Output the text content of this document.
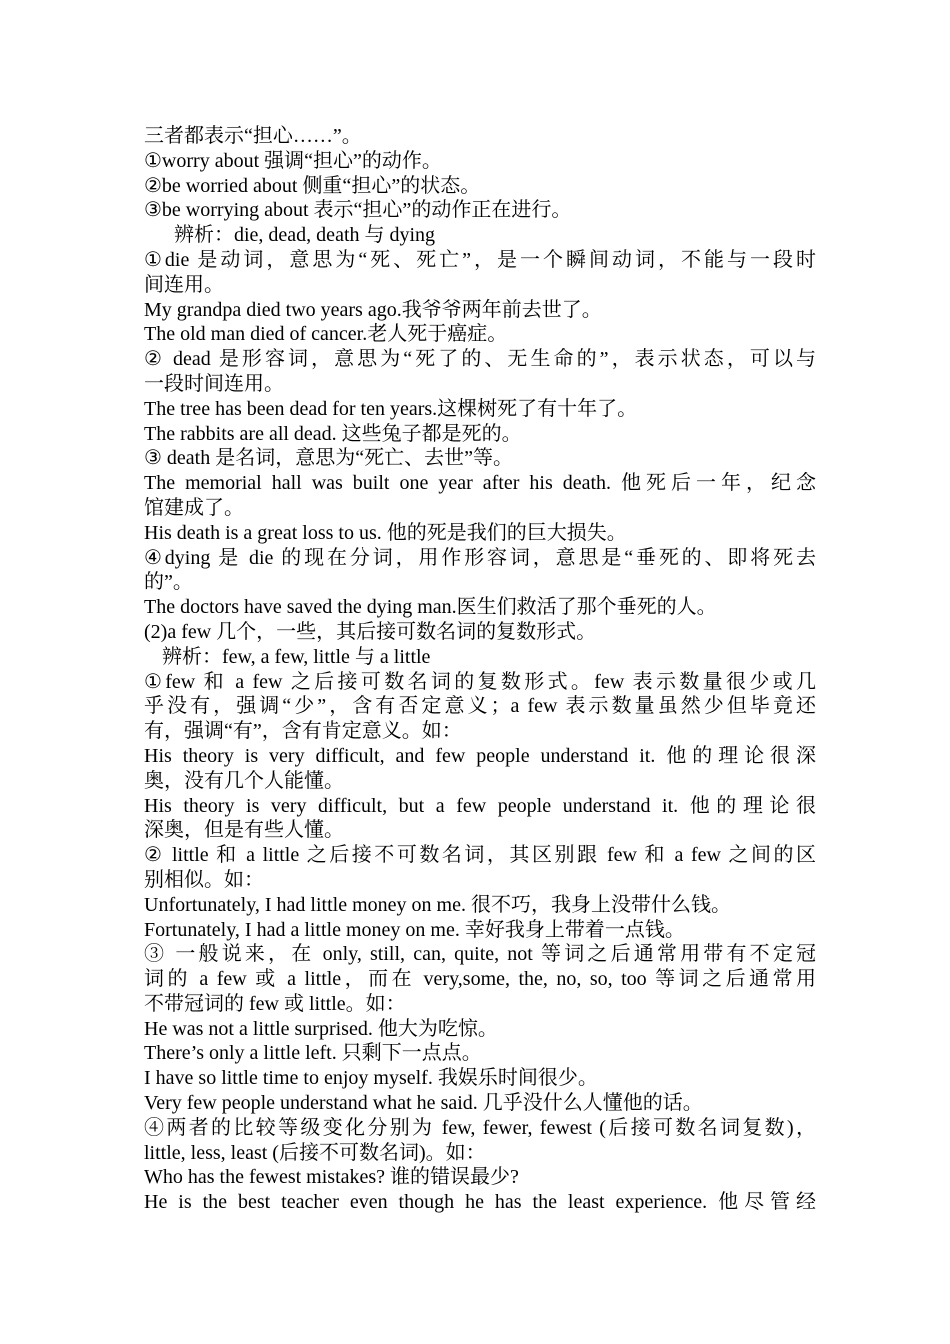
三者都表示“担心……”。
①worry about 强调“担心”的动作。
②be worried about 侧重“担心”的状态。
③be worrying about 表示“担心”的动作正在进行。
辨析：die, dead, death 与 dying
①die 是动词，意思为“死、死亡”，是一个瞬间动词，不能与一段时
间连用。
My grandpa died two years ago.我爷爷两年前去世了。
The old man died of cancer.老人死于癌症。
② dead 是形容词，意思为“死了的、无生命的”，表示状态，可以与
一段时间连用。
The tree has been dead for ten years.这棵树死了有十年了。
The rabbits are all dead. 这些兔子都是死的。
③ death 是名词，意思为“死亡、去世”等。
The memorial hall was built one year after his death. 他死后一年，纪念
馆建成了。
His death is a great loss to us. 他的死是我们的巨大损失。
④dying 是 die 的现在分词，用作形容词，意思是“垂死的、即将死去
的”。
The doctors have saved the dying man.医生们救活了那个垂死的人。
(2)a few 几个，一些，其后接可数名词的复数形式。
辨析：few, a few, little 与 a little
①few 和 a few 之后接可数名词的复数形式。few 表示数量很少或几
乎没有，强调“少”，含有否定意义；a few 表示数量虽然少但毕竟还
有，强调“有”，含有肯定意义。如：
His theory is very difficult, and few people understand it. 他的理论很深
奥，没有几个人能懂。
His theory is very difficult, but a few people understand it. 他的理论很
深奥，但是有些人懂。
② little 和 a little 之后接不可数名词，其区别跟 few 和 a few 之间的区
别相似。如：
Unfortunately, I had little money on me. 很不巧，我身上没带什么钱。
Fortunately, I had a little money on me. 幸好我身上带着一点钱。
③ 一般说来，在 only, still, can, quite, not 等词之后通常用带有不定冠
词的 a few 或 a little，而在 very,some, the, no, so, too 等词之后通常用
不带冠词的 few 或 little。如：
He was not a little surprised. 他大为吃惊。
There’s only a little left. 只剩下一点点。
I have so little time to enjoy myself. 我娱乐时间很少。
Very few people understand what he said. 几乎没什么人懂他的话。
④两者的比较等级变化分别为 few, fewer, fewest (后接可数名词复数)，
little, less, least (后接不可数名词)。如：
Who has the fewest mistakes? 谁的错误最少?
He is the best teacher even though he has the least experience. 他尽管经
